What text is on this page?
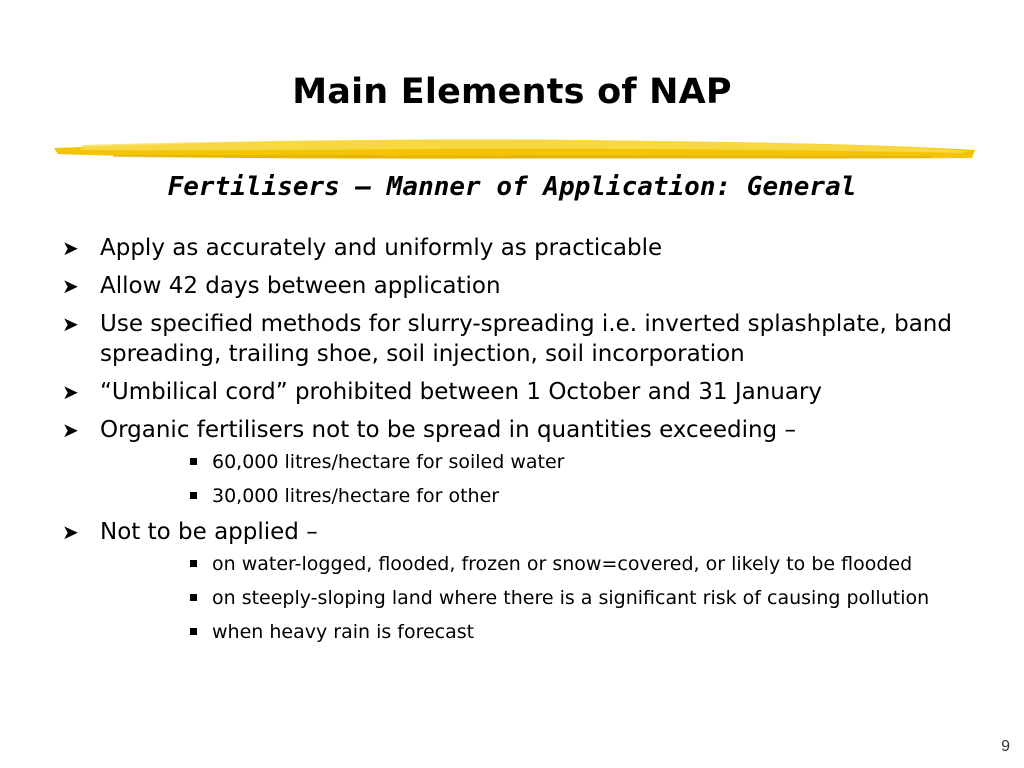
Main Elements of NAP
Fertilisers – Manner of Application: General
➤ Apply as accurately and uniformly as practicable
➤ Allow 42 days between application
➤ Use specified methods for slurry-spreading i.e. inverted splashplate, band spreading, trailing shoe, soil injection, soil incorporation
➤ “Umbilical cord” prohibited between 1 October and 31 January
➤ Organic fertilisers not to be spread in quantities exceeding –
60,000 litres/hectare for soiled water
30,000 litres/hectare for other
➤ Not to be applied –
on water-logged, flooded, frozen or snow=covered, or likely to be flooded
on steeply-sloping land where there is a significant risk of causing pollution
when heavy rain is forecast
9
